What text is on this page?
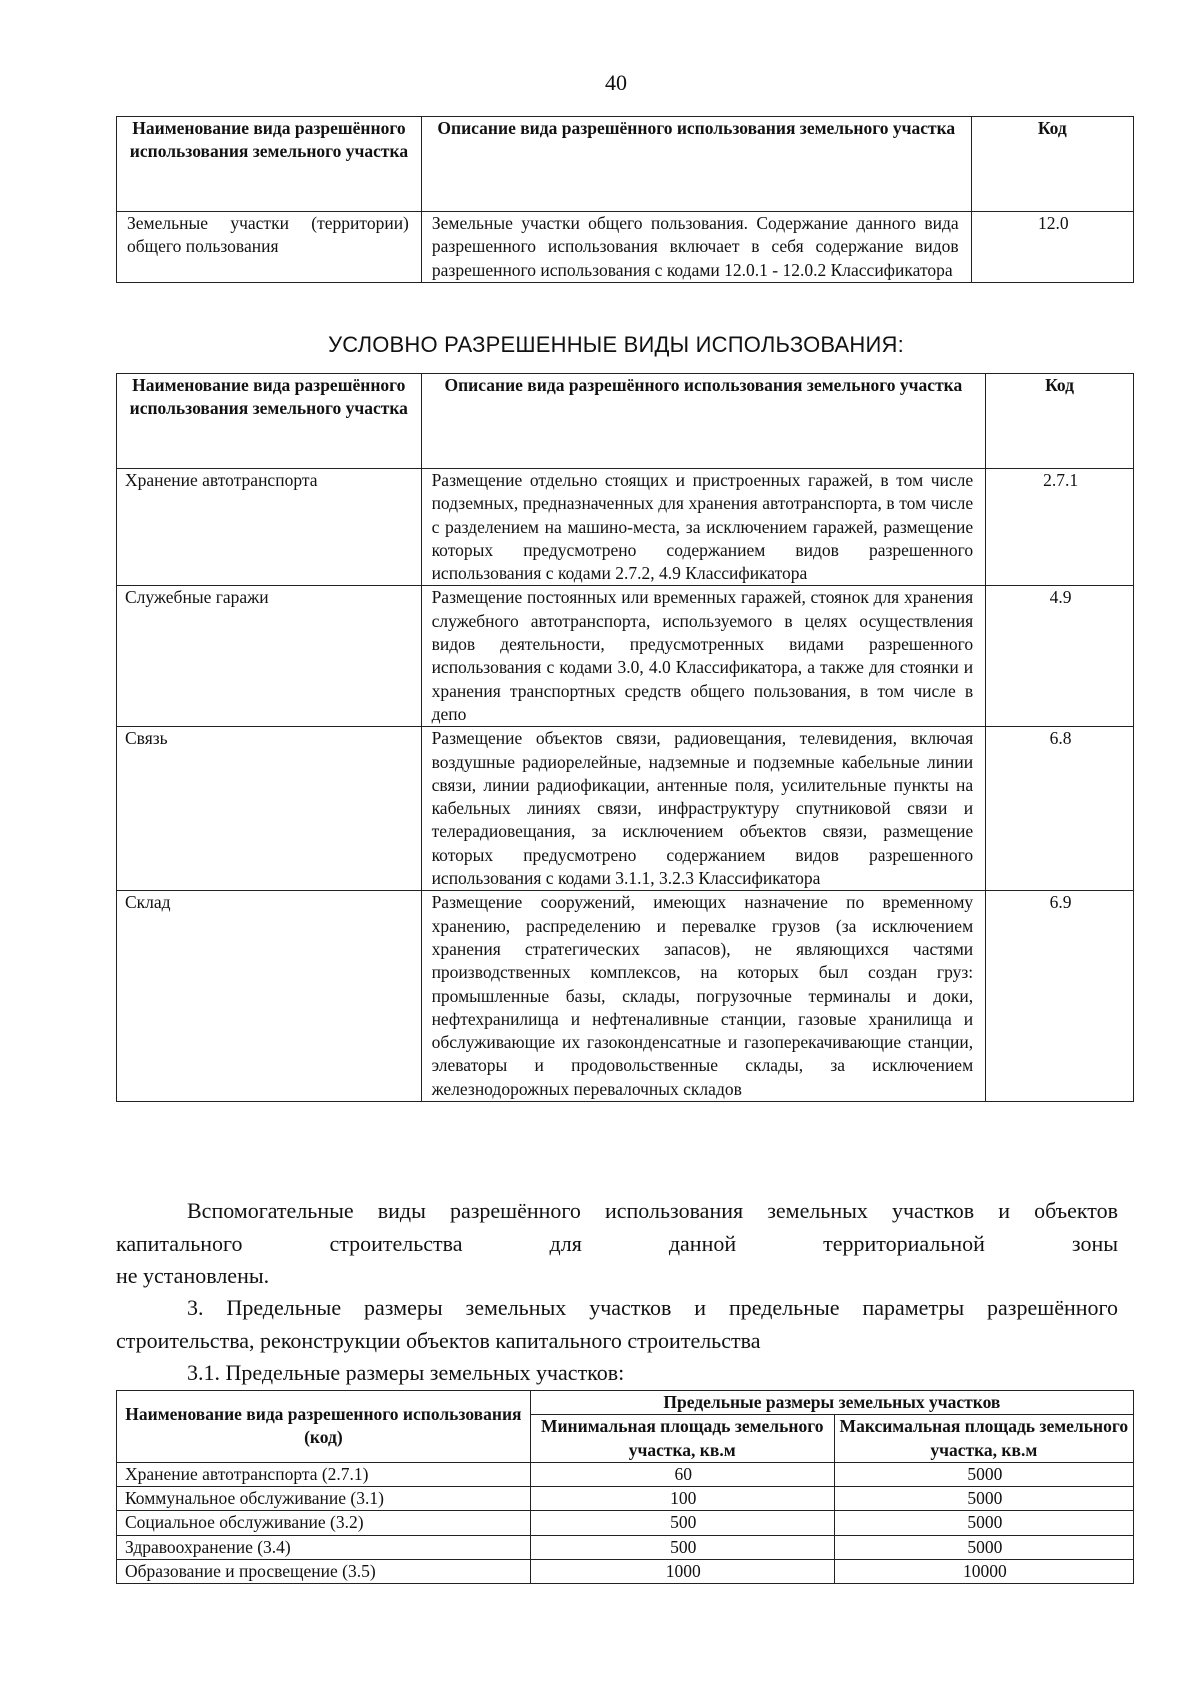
40
Наименование вида разрешённого использования земельного участка	Описание вида разрешённого использования земельного участка	Код
Земельные участки (территории) общего пользования	Земельные участки общего пользования. Содержание данного вида разрешенного использования включает в себя содержание видов разрешенного использования с кодами 12.0.1 - 12.0.2 Классификатора	12.0
УСЛОВНО РАЗРЕШЕННЫЕ ВИДЫ ИСПОЛЬЗОВАНИЯ:
Наименование вида разрешённого использования земельного участка	Описание вида разрешённого использования земельного участка	Код
Хранение автотранспорта	Размещение отдельно стоящих и пристроенных гаражей, в том числе подземных, предназначенных для хранения автотранспорта, в том числе с разделением на машино-места, за исключением гаражей, размещение которых предусмотрено содержанием видов разрешенного использования с кодами 2.7.2, 4.9 Классификатора	2.7.1
Служебные гаражи	Размещение постоянных или временных гаражей, стоянок для хранения служебного автотранспорта, используемого в целях осуществления видов деятельности, предусмотренных видами разрешенного использования с кодами 3.0, 4.0 Классификатора, а также для стоянки и хранения транспортных средств общего пользования, в том числе в депо	4.9
Связь	Размещение объектов связи, радиовещания, телевидения, включая воздушные радиорелейные, надземные и подземные кабельные линии связи, линии радиофикации, антенные поля, усилительные пункты на кабельных линиях связи, инфраструктуру спутниковой связи и телерадиовещания, за исключением объектов связи, размещение которых предусмотрено содержанием видов разрешенного использования с кодами 3.1.1, 3.2.3 Классификатора	6.8
Склад	Размещение сооружений, имеющих назначение по временному хранению, распределению и перевалке грузов (за исключением хранения стратегических запасов), не являющихся частями производственных комплексов, на которых был создан груз: промышленные базы, склады, погрузочные терминалы и доки, нефтехранилища и нефтеналивные станции, газовые хранилища и обслуживающие их газоконденсатные и газоперекачивающие станции, элеваторы и продовольственные склады, за исключением железнодорожных перевалочных складов	6.9
Вспомогательные виды разрешённого использования земельных участков и объектов капитального строительства для данной территориальной зоны
не установлены.
3. Предельные размеры земельных участков и предельные параметры разрешённого
строительства, реконструкции объектов капитального строительства
3.1. Предельные размеры земельных участков:
Наименование вида разрешенного использования (код)	Предельные размеры земельных участков	
	Минимальная площадь земельного участка, кв.м	Максимальная площадь земельного участка, кв.м
Хранение автотранспорта (2.7.1)	60	5000
Коммунальное обслуживание (3.1)	100	5000
Социальное обслуживание (3.2)	500	5000
Здравоохранение (3.4)	500	5000
Образование и просвещение (3.5)	1000	10000
